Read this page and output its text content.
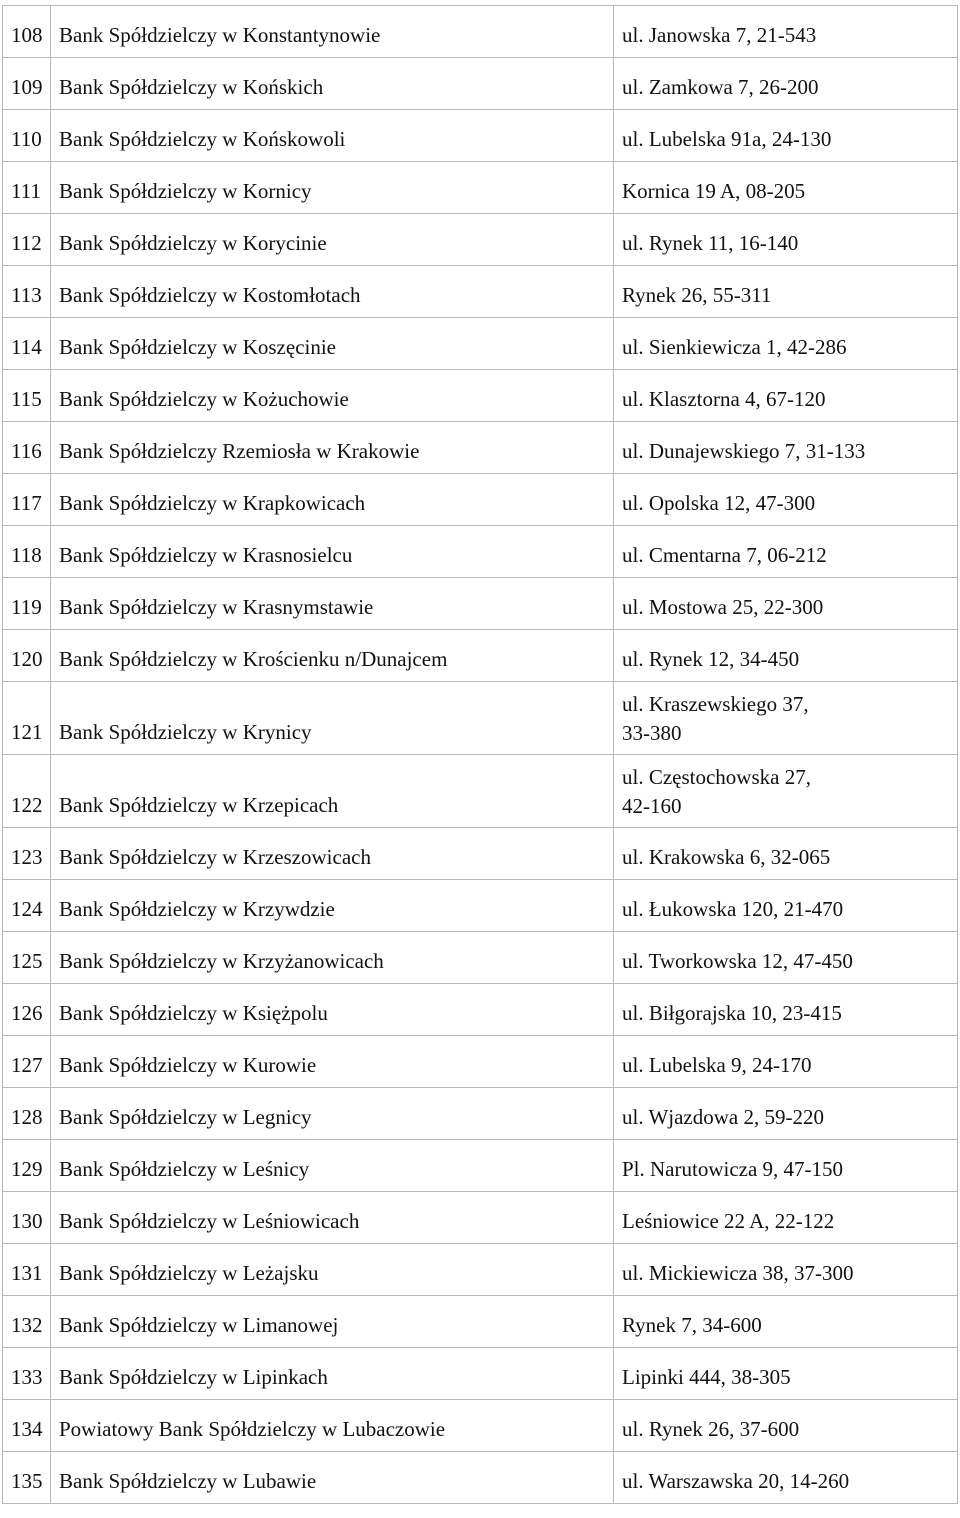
108	Bank Spółdzielczy w Konstantynowie	ul. Janowska 7, 21-543
109	Bank Spółdzielczy w Końskich	ul. Zamkowa 7, 26-200
110	Bank Spółdzielczy w Końskowoli	ul. Lubelska 91a, 24-130
111	Bank Spółdzielczy w Kornicy	Kornica 19 A, 08-205
112	Bank Spółdzielczy w Korycinie	ul. Rynek 11, 16-140
113	Bank Spółdzielczy w Kostomłotach	Rynek 26, 55-311
114	Bank Spółdzielczy w Koszęcinie	ul. Sienkiewicza 1, 42-286
115	Bank Spółdzielczy w Kożuchowie	ul. Klasztorna 4, 67-120
116	Bank Spółdzielczy Rzemiosła w Krakowie	ul. Dunajewskiego 7, 31-133
117	Bank Spółdzielczy w Krapkowicach	ul. Opolska 12, 47-300
118	Bank Spółdzielczy w Krasnosielcu	ul. Cmentarna 7, 06-212
119	Bank Spółdzielczy w Krasnymstawie	ul. Mostowa 25, 22-300
120	Bank Spółdzielczy w Krościenku n/Dunajcem	ul. Rynek 12, 34-450
121	Bank Spółdzielczy w Krynicy	ul. Kraszewskiego 37,
33-380
122	Bank Spółdzielczy w Krzepicach	ul. Częstochowska 27,
42-160
123	Bank Spółdzielczy w Krzeszowicach	ul. Krakowska 6, 32-065
124	Bank Spółdzielczy w Krzywdzie	ul. Łukowska 120, 21-470
125	Bank Spółdzielczy w Krzyżanowicach	ul. Tworkowska 12, 47-450
126	Bank Spółdzielczy w Księżpolu	ul. Biłgorajska 10, 23-415
127	Bank Spółdzielczy w Kurowie	ul. Lubelska 9, 24-170
128	Bank Spółdzielczy w Legnicy	ul. Wjazdowa 2, 59-220
129	Bank Spółdzielczy w Leśnicy	Pl. Narutowicza 9, 47-150
130	Bank Spółdzielczy w Leśniowicach	Leśniowice 22 A, 22-122
131	Bank Spółdzielczy w Leżajsku	ul. Mickiewicza 38, 37-300
132	Bank Spółdzielczy w Limanowej	Rynek 7, 34-600
133	Bank Spółdzielczy w Lipinkach	Lipinki 444, 38-305
134	Powiatowy Bank Spółdzielczy w Lubaczowie	ul. Rynek 26, 37-600
135	Bank Spółdzielczy w Lubawie	ul. Warszawska 20, 14-260
